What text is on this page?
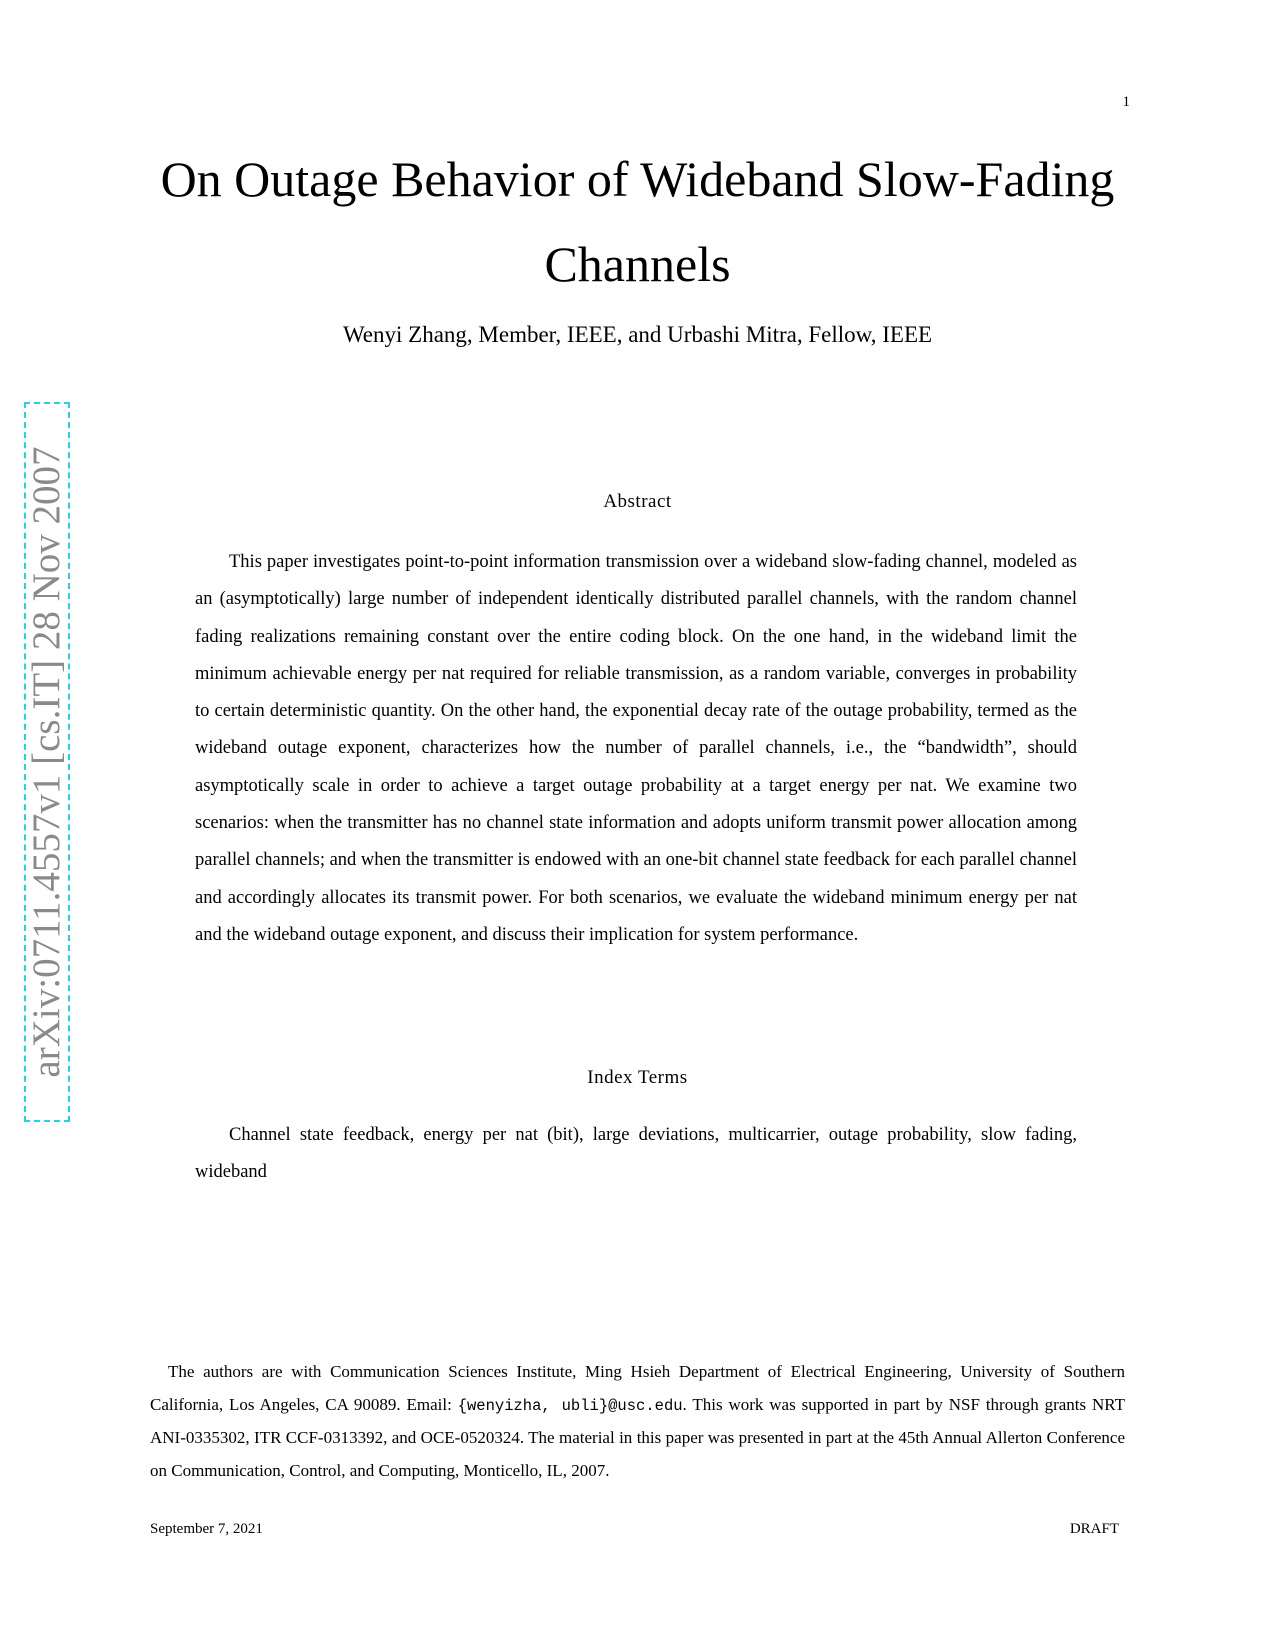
1
On Outage Behavior of Wideband Slow-Fading Channels
Wenyi Zhang, Member, IEEE, and Urbashi Mitra, Fellow, IEEE
arXiv:0711.4557v1 [cs.IT] 28 Nov 2007	Abstract

This paper investigates point-to-point information transmission over a wideband slow-fading channel, modeled as an (asymptotically) large number of independent identically distributed parallel channels, with the random channel fading realizations remaining constant over the entire coding block. On the one hand, in the wideband limit the minimum achievable energy per nat required for reliable transmission, as a random variable, converges in probability to certain deterministic quantity. On the other hand, the exponential decay rate of the outage probability, termed as the wideband outage exponent, characterizes how the number of parallel channels, i.e., the “bandwidth”, should asymptotically scale in order to achieve a target outage probability at a target energy per nat. We examine two scenarios: when the transmitter has no channel state information and adopts uniform transmit power allocation among parallel channels; and when the transmitter is endowed with an one-bit channel state feedback for each parallel channel and accordingly allocates its transmit power. For both scenarios, we evaluate the wideband minimum energy per nat and the wideband outage exponent, and discuss their implication for system performance.

Index Terms

Channel state feedback, energy per nat (bit), large deviations, multicarrier, outage probability, slow fading, wideband

The authors are with Communication Sciences Institute, Ming Hsieh Department of Electrical Engineering, University of Southern California, Los Angeles, CA 90089. Email: {wenyizha, ubli}@usc.edu. This work was supported in part by NSF through grants NRT ANI-0335302, ITR CCF-0313392, and OCE-0520324. The material in this paper was presented in part at the 45th Annual Allerton Conference on Communication, Control, and Computing, Monticello, IL, 2007.

September 7, 2021	DRAFT
